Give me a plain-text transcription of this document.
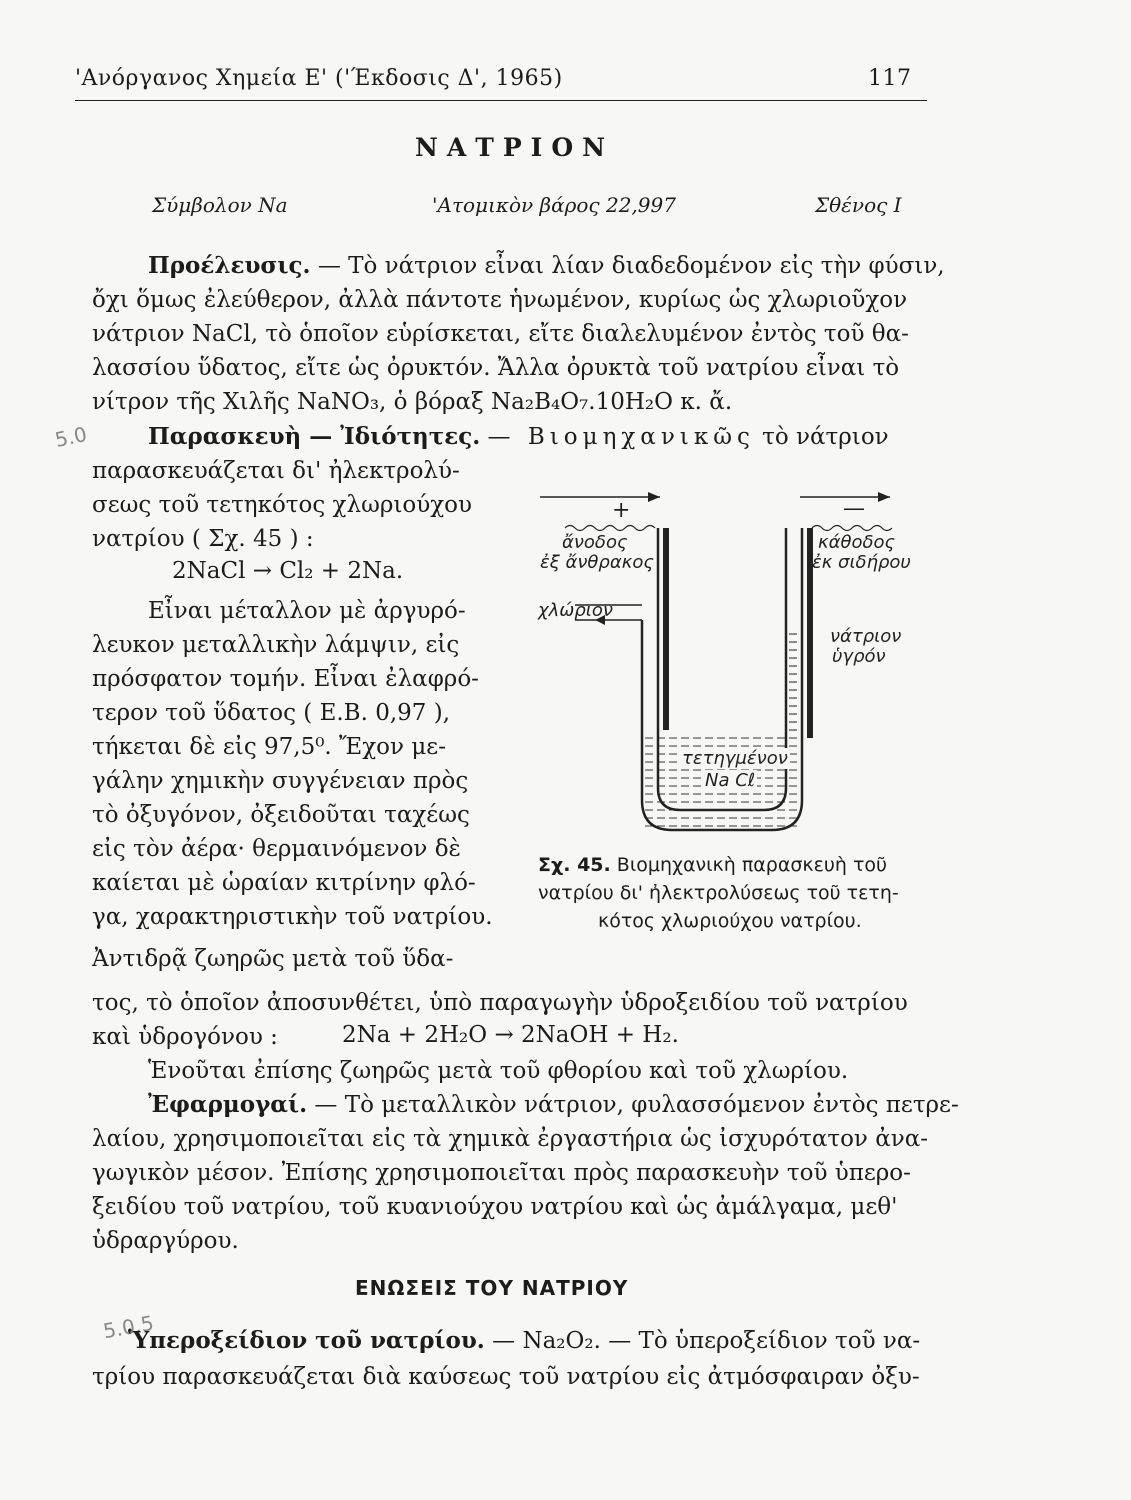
'Ανόργανος Χημεία Ε' ('Έκδοσις Δ', 1965)	117
ΝΑΤΡΙΟΝ
Σύμβολον Na	'Ατομικὸν βάρος 22,997	Σθένος Ι
Προέλευσις. — Τὸ νάτριον εἶναι λίαν διαδεδομένον εἰς τὴν φύσιν,
ὄχι ὅμως ἐλεύθερον, ἀλλὰ πάντοτε ἡνωμένον, κυρίως ὡς χλωριοῦχον
νάτριον NaCl, τὸ ὁποῖον εὑρίσκεται, εἴτε διαλελυμένον ἐντὸς τοῦ θα-
λασσίου ὕδατος, εἴτε ὡς ὀρυκτόν. Ἄλλα ὀρυκτὰ τοῦ νατρίου εἶναι τὸ
νίτρον τῆς Χιλῆς NaNO₃, ὁ βόραξ Na₂B₄O₇.10H₂O κ. ἄ.
5.0	Παρασκευὴ — Ἰδιότητες. — Βιομηχανικῶς τὸ νάτριον
παρασκευάζεται δι' ἠλεκτρολύ-
σεως τοῦ τετηκότος χλωριούχου
νατρίου ( Σχ. 45 ) :
2NaCl → Cl₂ + 2Na.
Εἶναι μέταλλον μὲ ἀργυρό-
λευκον μεταλλικὴν λάμψιν, εἰς
πρόσφατον τομήν. Εἶναι ἐλαφρό-
τερον τοῦ ὕδατος ( Ε.Β. 0,97 ),
τήκεται δὲ εἰς 97,5⁰. Ἔχον με-
γάλην χημικὴν συγγένειαν πρὸς
τὸ ὀξυγόνον, ὀξειδοῦται ταχέως
εἰς τὸν ἀέρα· θερμαινόμενον δὲ
καίεται μὲ ὡραίαν κιτρίνην φλό-
γα, χαρακτηριστικὴν τοῦ νατρίου.
Ἀντιδρᾷ ζωηρῶς μετὰ τοῦ ὕδα-
τος, τὸ ὁποῖον ἀποσυνθέτει, ὑπὸ παραγωγὴν ὑδροξειδίου τοῦ νατρίου
καὶ ὑδρογόνου :	2Na + 2H₂O → 2NaOH + H₂.
Ἑνοῦται ἐπίσης ζωηρῶς μετὰ τοῦ φθορίου καὶ τοῦ χλωρίου.
+	—
ἄνοδος
ἐξ ἄνθρακος
κάθοδος
ἐκ σιδήρου
χλώριον
νάτριον
ὑγρόν
τετηγμένον
Na Cℓ
Σχ. 45. Βιομηχανικὴ παρασκευὴ τοῦ
νατρίου δι' ἠλεκτρολύσεως τοῦ τετη-
κότος χλωριούχου νατρίου.
Ἐφαρμογαί. — Τὸ μεταλλικὸν νάτριον, φυλασσόμενον ἐντὸς πετρε-
λαίου, χρησιμοποιεῖται εἰς τὰ χημικὰ ἐργαστήρια ὡς ἰσχυρότατον ἀνα-
γωγικὸν μέσον. Ἐπίσης χρησιμοποιεῖται πρὸς παρασκευὴν τοῦ ὑπερο-
ξειδίου τοῦ νατρίου, τοῦ κυανιούχου νατρίου καὶ ὡς ἀμάλγαμα, μεθ'
ὑδραργύρου.
ΕΝΩΣΕΙΣ ΤΟΥ ΝΑΤΡΙΟΥ
5.0.5
Ὑπεροξείδιον τοῦ νατρίου. — Na₂O₂. — Τὸ ὑπεροξείδιον τοῦ να-
τρίου παρασκευάζεται διὰ καύσεως τοῦ νατρίου εἰς ἀτμόσφαιραν ὀξυ-
